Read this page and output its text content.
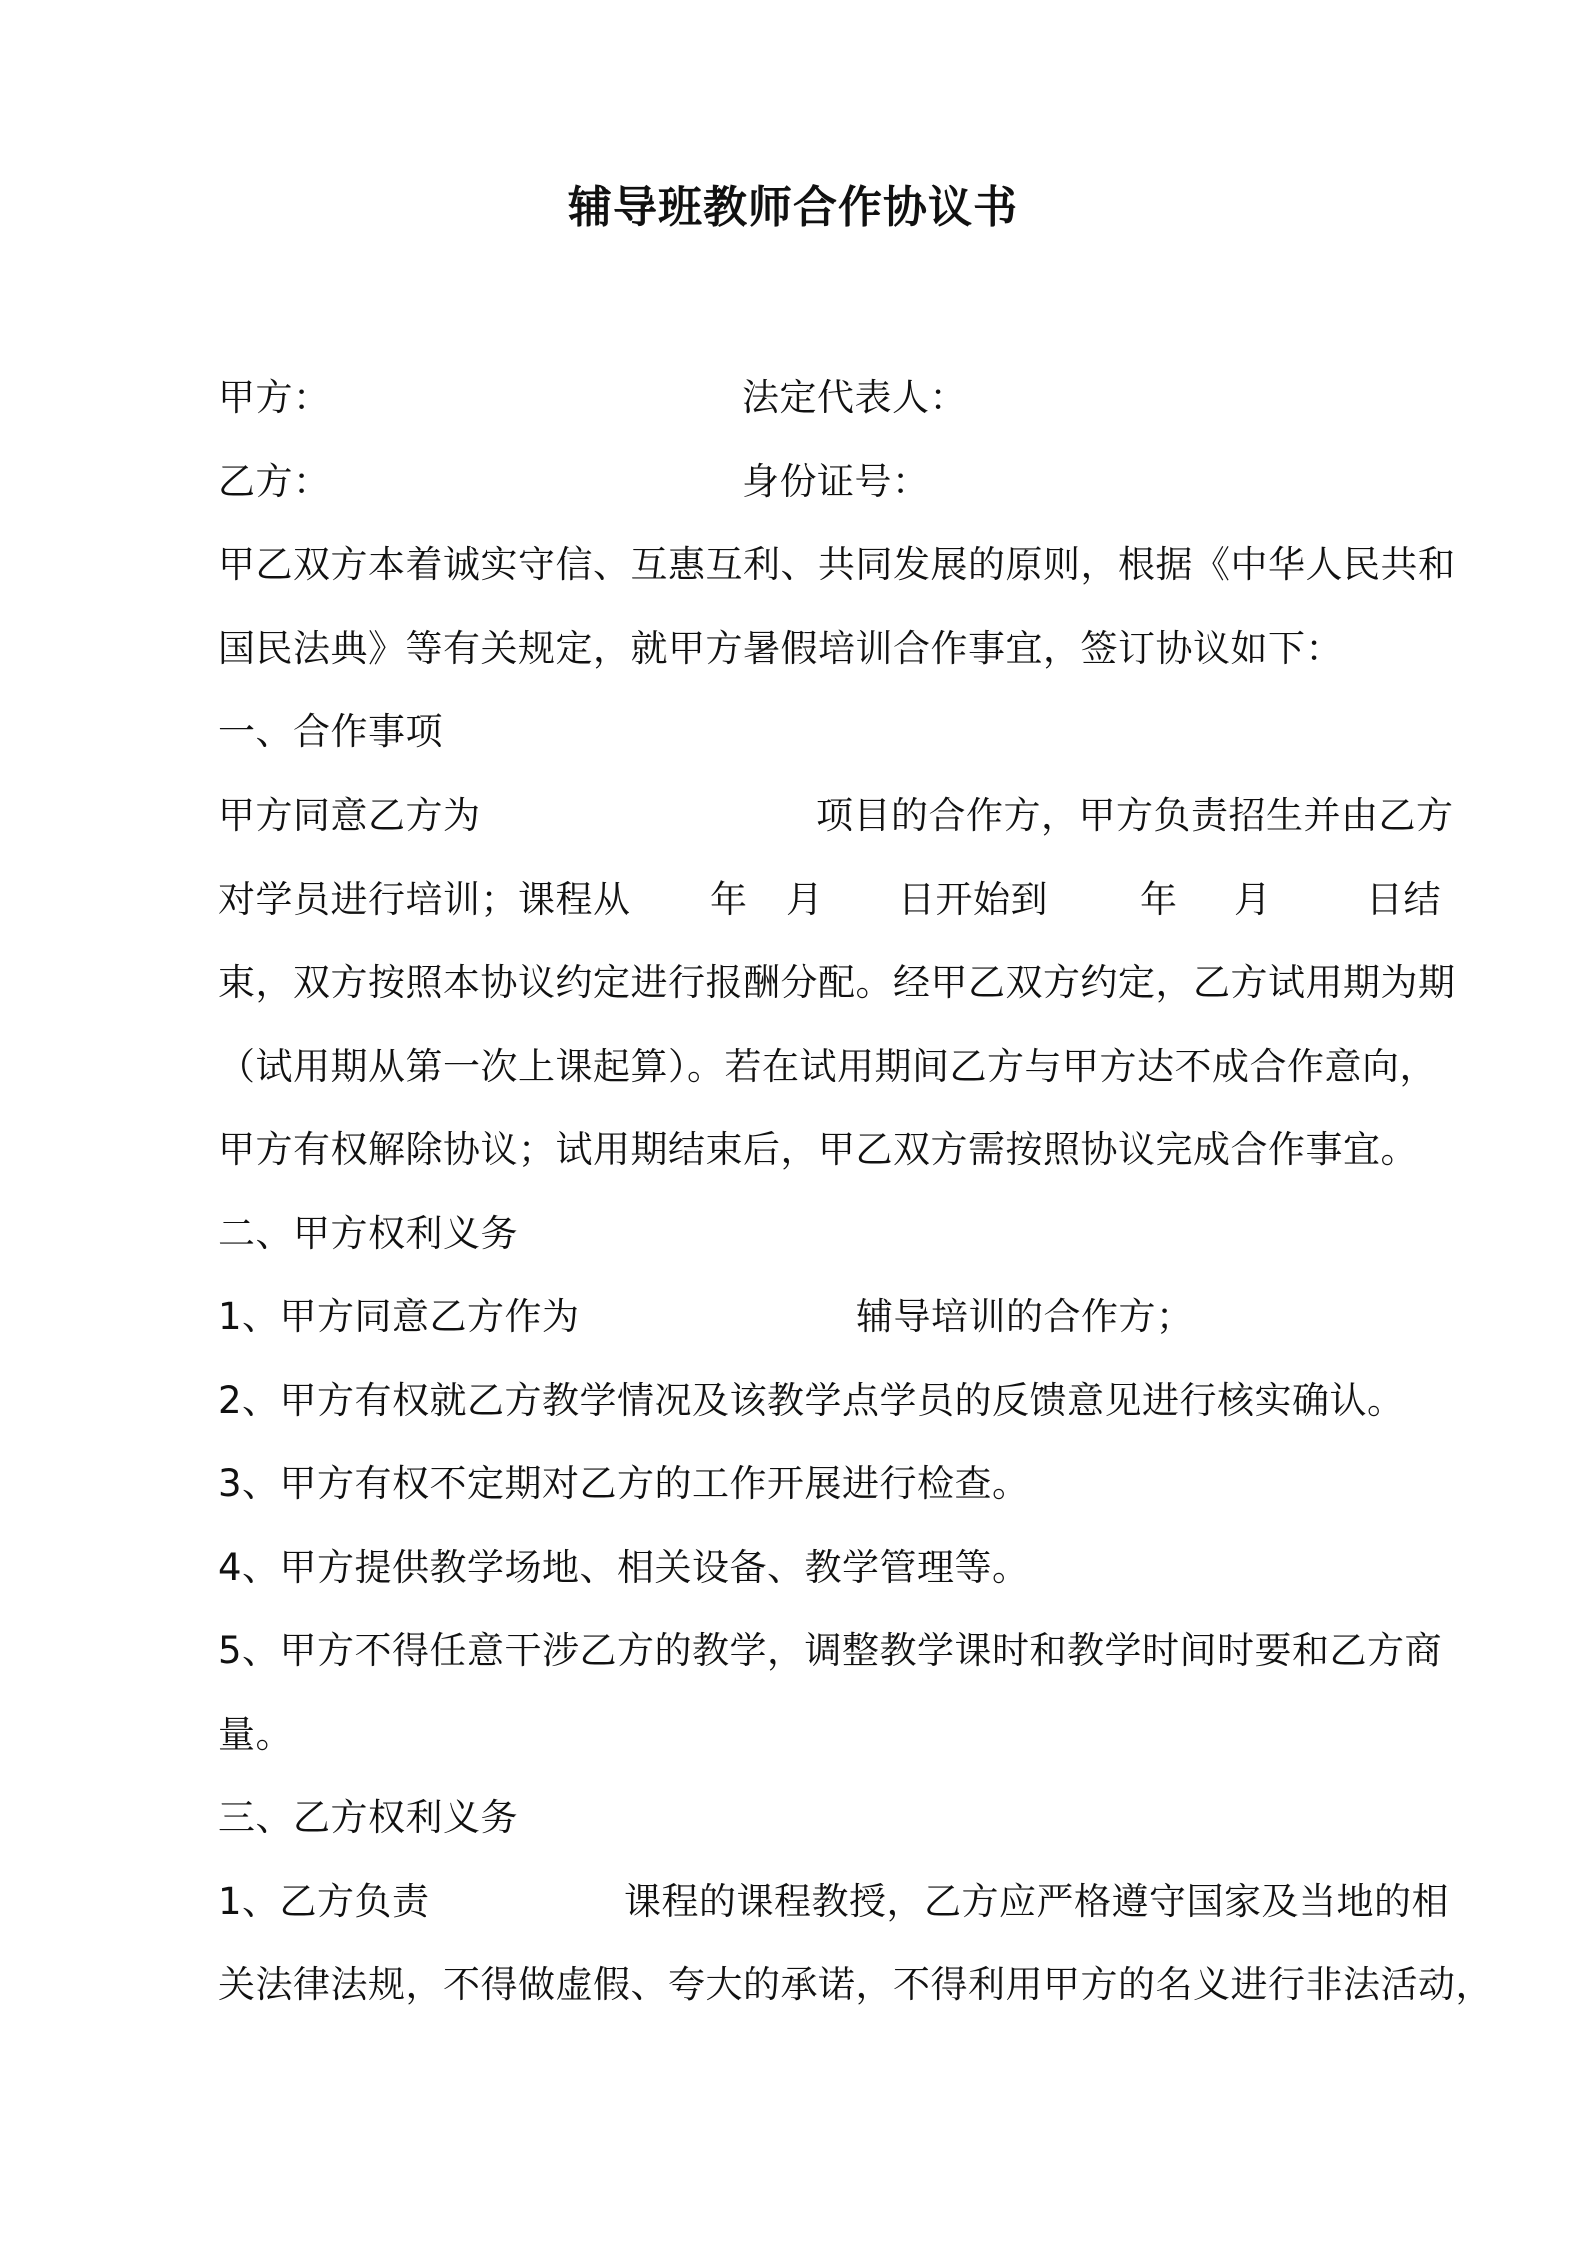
辅导班教师合作协议书
甲方：	法定代表人：
乙方：	身份证号：
甲乙双方本着诚实守信、互惠互利、共同发展的原则，根据《中华人民共和
国民法典》等有关规定，就甲方暑假培训合作事宜，签订协议如下：
一、合作事项
甲方同意乙方为	项目的合作方，甲方负责招生并由乙方
对学员进行培训；课程从 年 月 日开始到 年 月	日结
束，双方按照本协议约定进行报酬分配。经甲乙双方约定，乙方试用期为期
（试用期从第一次上课起算）。若在试用期间乙方与甲方达不成合作意向，
甲方有权解除协议；试用期结束后，甲乙双方需按照协议完成合作事宜。
二、甲方权利义务
1、甲方同意乙方作为	辅导培训的合作方；
2、甲方有权就乙方教学情况及该教学点学员的反馈意见进行核实确认。
3、甲方有权不定期对乙方的工作开展进行检查。
4、甲方提供教学场地、相关设备、教学管理等。
5、甲方不得任意干涉乙方的教学，调整教学课时和教学时间时要和乙方商
量。
三、乙方权利义务
1、乙方负责	课程的课程教授，乙方应严格遵守国家及当地的相
关法律法规，不得做虚假、夸大的承诺，不得利用甲方的名义进行非法活动，
